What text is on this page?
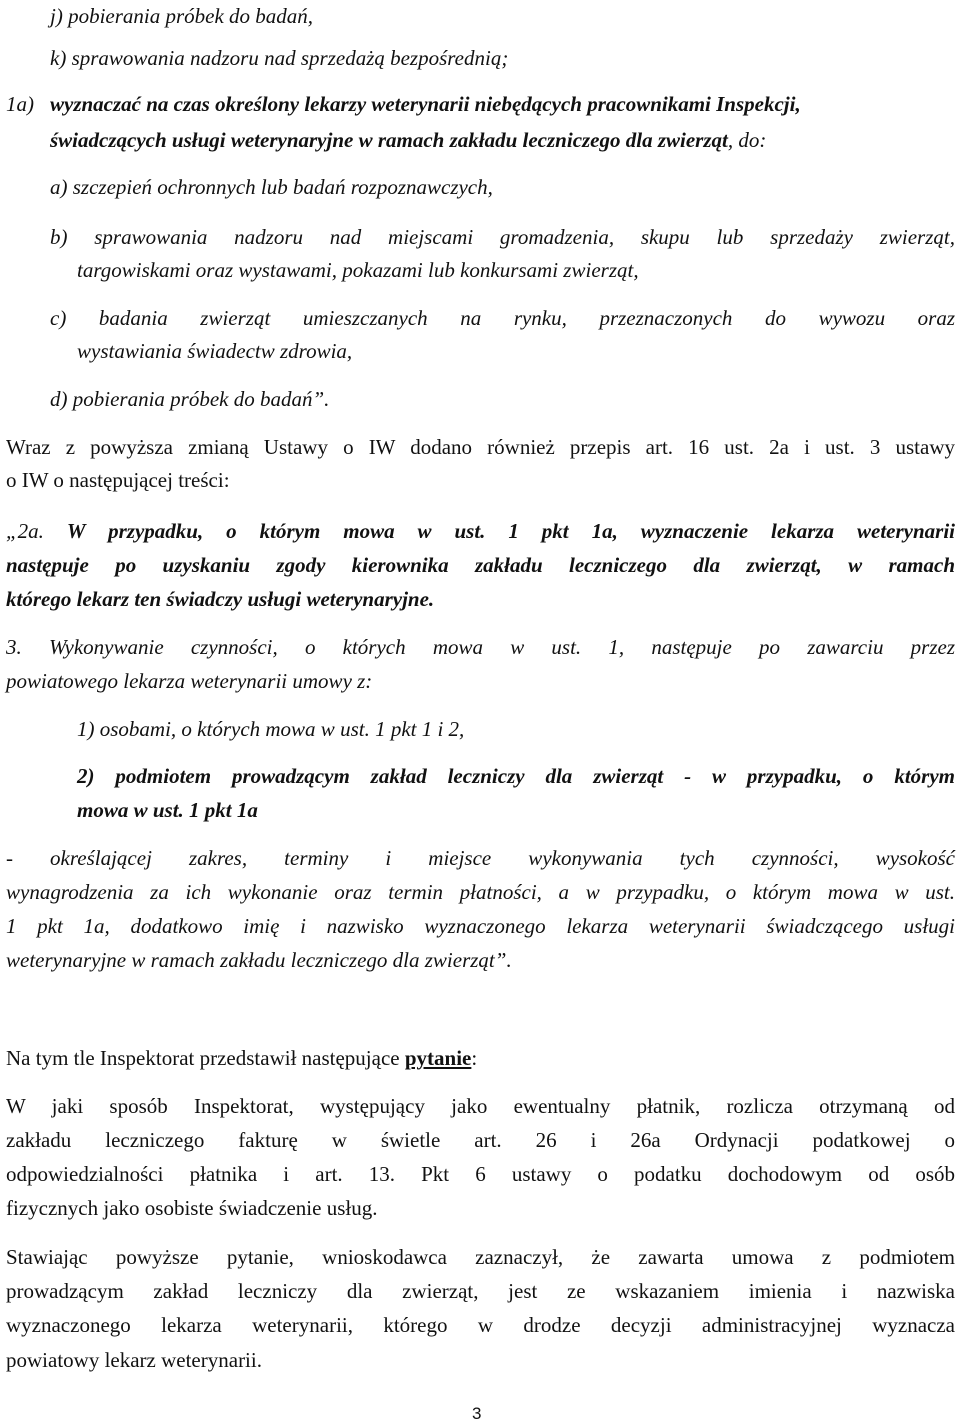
j) pobierania próbek do badań,
k) sprawowania nadzoru nad sprzedażą bezpośrednią;
1a) wyznaczać na czas określony lekarzy weterynarii niebędących pracownikami Inspekcji,
świadczących usługi weterynaryjne w ramach zakładu leczniczego dla zwierząt, do:
a) szczepień ochronnych lub badań rozpoznawczych,
b) sprawowania nadzoru nad miejscami gromadzenia, skupu lub sprzedaży zwierząt,
targowiskami oraz wystawami, pokazami lub konkursami zwierząt,
c) badania zwierząt umieszczanych na rynku, przeznaczonych do wywozu oraz
wystawiania świadectw zdrowia,
d) pobierania próbek do badań”.
Wraz z powyższa zmianą Ustawy o IW dodano również przepis art. 16 ust. 2a i ust. 3 ustawy
o IW o następującej treści:
„2a. W przypadku, o którym mowa w ust. 1 pkt 1a, wyznaczenie lekarza weterynarii
następuje po uzyskaniu zgody kierownika zakładu leczniczego dla zwierząt, w ramach
którego lekarz ten świadczy usługi weterynaryjne.
3. Wykonywanie czynności, o których mowa w ust. 1, następuje po zawarciu przez
powiatowego lekarza weterynarii umowy z:
1) osobami, o których mowa w ust. 1 pkt 1 i 2,
2) podmiotem prowadzącym zakład leczniczy dla zwierząt - w przypadku, o którym
mowa w ust. 1 pkt 1a
- określającej zakres, terminy i miejsce wykonywania tych czynności, wysokość
wynagrodzenia za ich wykonanie oraz termin płatności, a w przypadku, o którym mowa w ust.
1 pkt 1a, dodatkowo imię i nazwisko wyznaczonego lekarza weterynarii świadczącego usługi
weterynaryjne w ramach zakładu leczniczego dla zwierząt”.
Na tym tle Inspektorat przedstawił następujące pytanie:
W jaki sposób Inspektorat, występujący jako ewentualny płatnik, rozlicza otrzymaną od
zakładu leczniczego fakturę w świetle art. 26 i 26a Ordynacji podatkowej o
odpowiedzialności płatnika i art. 13. Pkt 6 ustawy o podatku dochodowym od osób
fizycznych jako osobiste świadczenie usług.
Stawiając powyższe pytanie, wnioskodawca zaznaczył, że zawarta umowa z podmiotem
prowadzącym zakład leczniczy dla zwierząt, jest ze wskazaniem imienia i nazwiska
wyznaczonego lekarza weterynarii, którego w drodze decyzji administracyjnej wyznacza
powiatowy lekarz weterynarii.
3
